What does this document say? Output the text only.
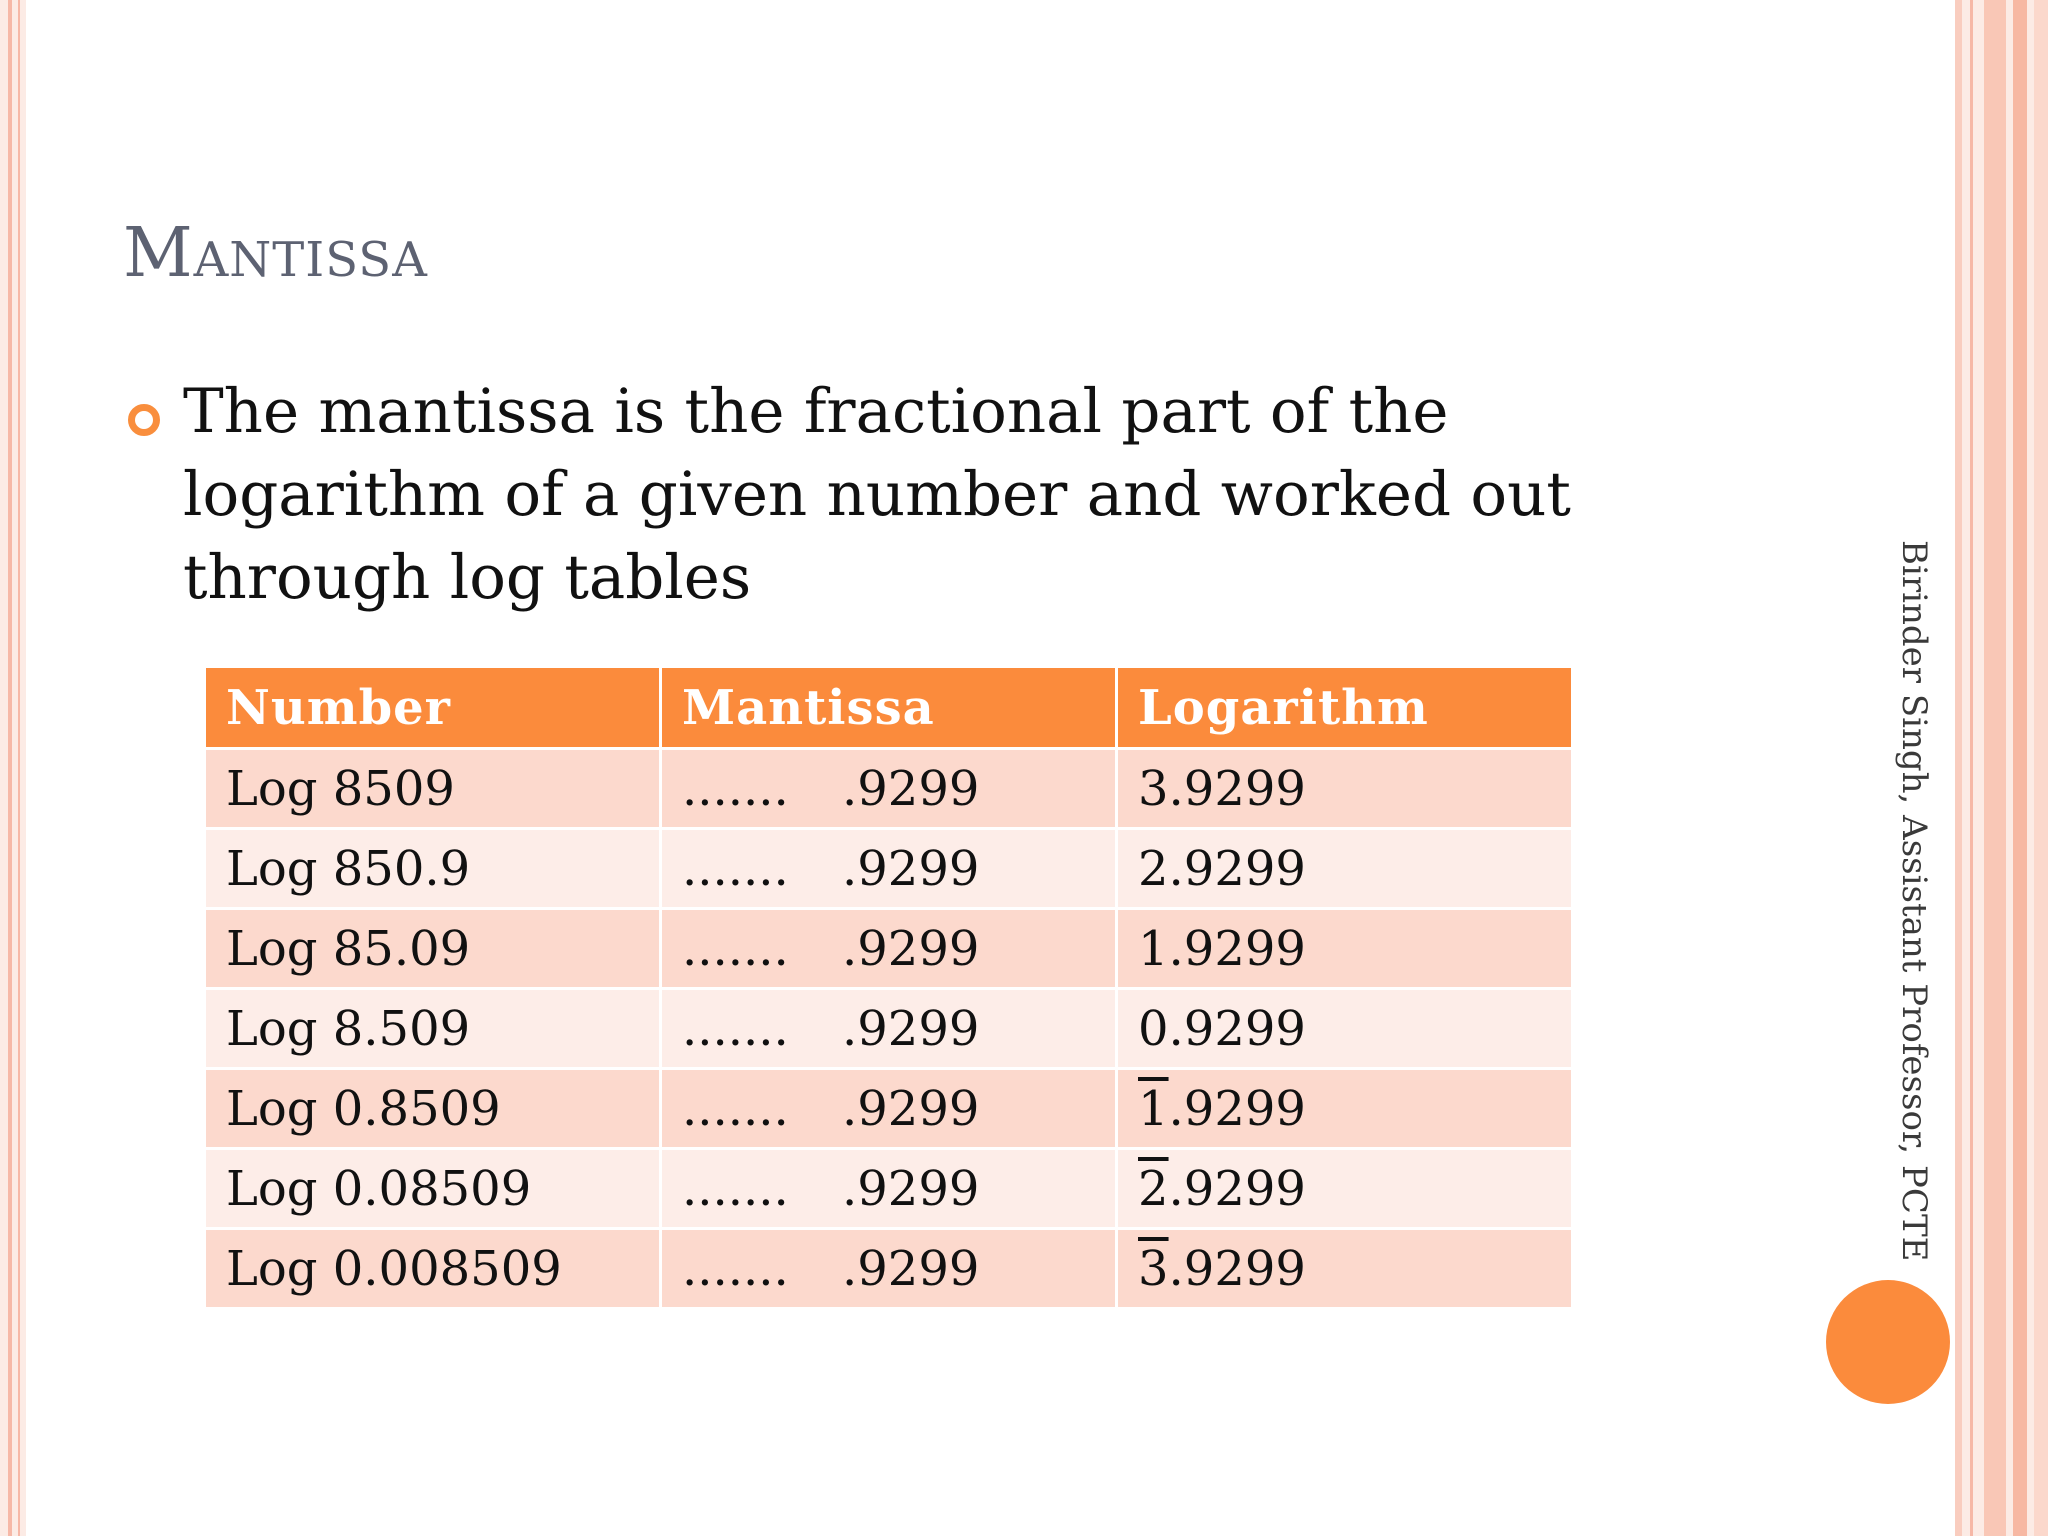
Mantissa
The mantissa is the fractional part of the logarithm of a given number and worked out through log tables
Number	Mantissa	Logarithm
Log 8509	....... .9299	3.9299
Log 850.9	....... .9299	2.9299
Log 85.09	....... .9299	1.9299
Log 8.509	....... .9299	0.9299
Log 0.8509	....... .9299	1.9299
Log 0.08509	....... .9299	2.9299
Log 0.008509	....... .9299	3.9299
Birinder Singh, Assistant Professor, PCTE
